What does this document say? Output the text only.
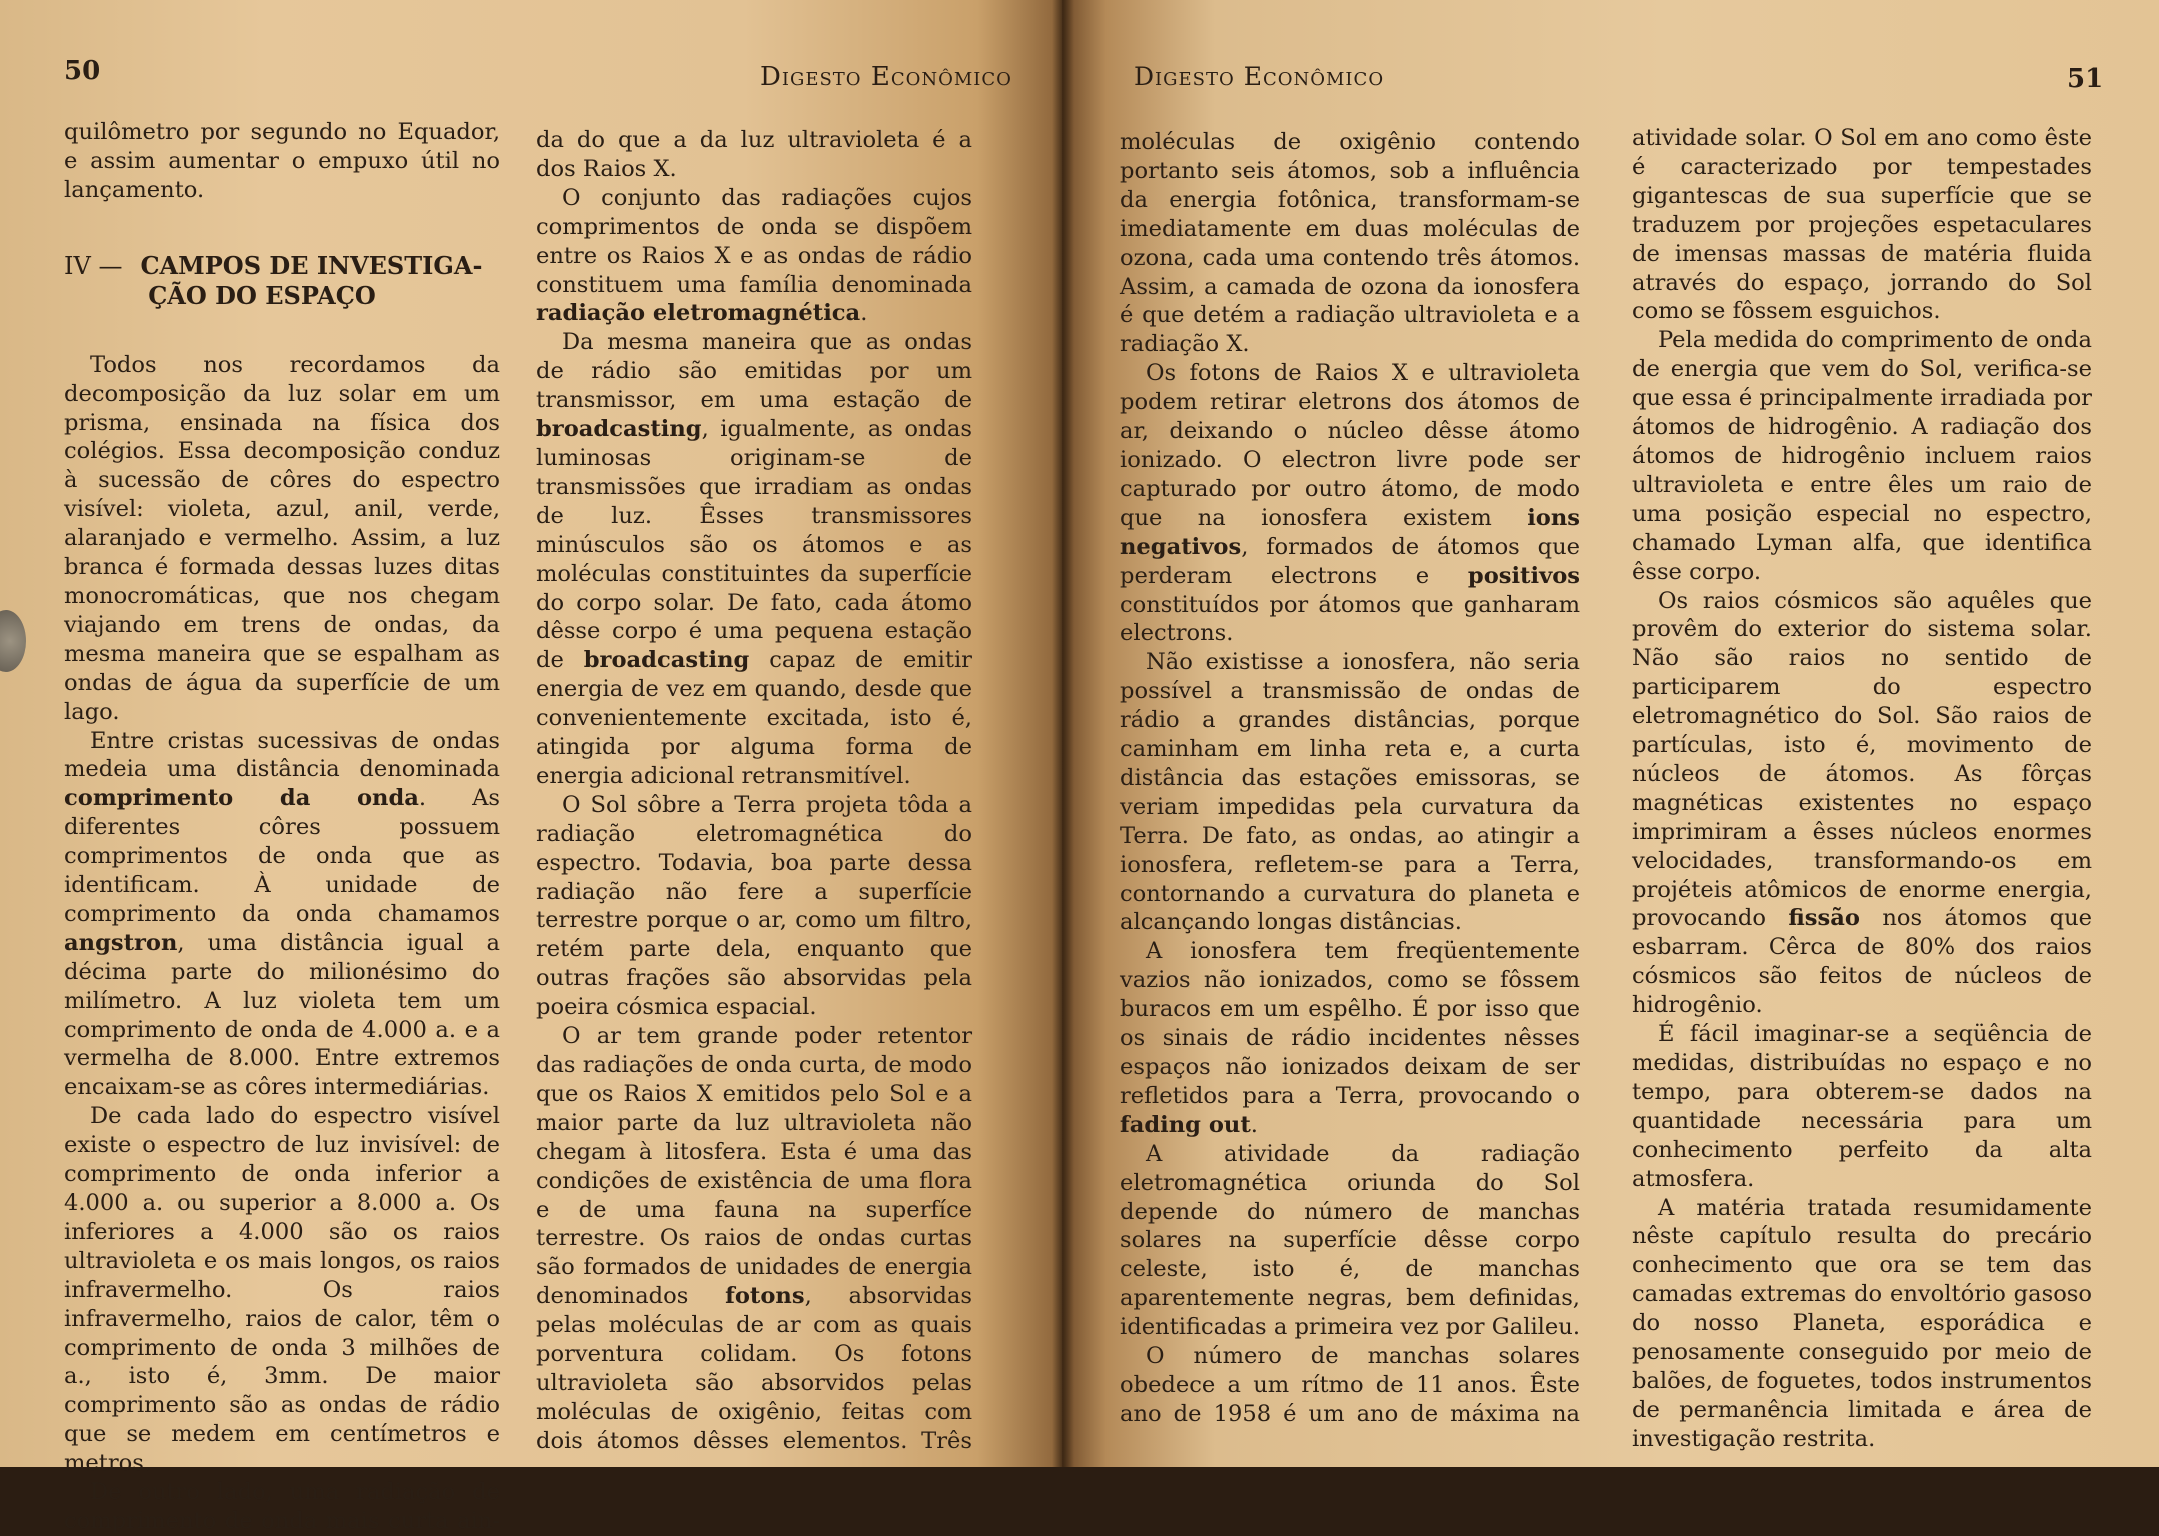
50	Digesto Econômico

quilômetro por segundo no Equador, e assim aumentar o empuxo útil no lançamento.

IV — CAMPOS DE INVESTIGA-
ÇÃO DO ESPAÇO

Todos nos recordamos da decomposição da luz solar em um prisma, ensinada na física dos colégios. Essa decomposição conduz à sucessão de côres do espectro visível: violeta, azul, anil, verde, alaranjado e vermelho. Assim, a luz branca é formada dessas luzes ditas monocromáticas, que nos chegam viajando em trens de ondas, da mesma maneira que se espalham as ondas de água da superfície de um lago.

Entre cristas sucessivas de ondas medeia uma distância denominada comprimento da onda. As diferentes côres possuem comprimentos de onda que as identificam. À unidade de comprimento da onda chamamos angstron, uma distância igual a décima parte do milionésimo do milímetro. A luz violeta tem um comprimento de onda de 4.000 a. e a vermelha de 8.000. Entre extremos encaixam-se as côres intermediárias.

De cada lado do espectro visível existe o espectro de luz invisível: de comprimento de onda inferior a 4.000 a. ou superior a 8.000 a. Os inferiores a 4.000 são os raios ultravioleta e os mais longos, os raios infravermelho. Os raios infravermelho, raios de calor, têm o comprimento de onda 3 milhões de a., isto é, 3mm. De maior comprimento são as ondas de rádio que se medem em centímetros e metros.

De outro lado, uma radiação de comprimento de onda mais curta ain-

da do que a da luz ultravioleta é a dos Raios X.

O conjunto das radiações cujos comprimentos de onda se dispõem entre os Raios X e as ondas de rádio constituem uma família denominada radiação eletromagnética.

Da mesma maneira que as ondas de rádio são emitidas por um transmissor, em uma estação de broadcasting, igualmente, as ondas luminosas originam-se de transmissões que irradiam as ondas de luz. Êsses transmissores minúsculos são os átomos e as moléculas constituintes da superfície do corpo solar. De fato, cada átomo dêsse corpo é uma pequena estação de broadcasting capaz de emitir energia de vez em quando, desde que convenientemente excitada, isto é, atingida por alguma forma de energia adicional retransmitível.

O Sol sôbre a Terra projeta tôda a radiação eletromagnética do espectro. Todavia, boa parte dessa radiação não fere a superfície terrestre porque o ar, como um filtro, retém parte dela, enquanto que outras frações são absorvidas pela poeira cósmica espacial.

O ar tem grande poder retentor das radiações de onda curta, de modo que os Raios X emitidos pelo Sol e a maior parte da luz ultravioleta não chegam à litosfera. Esta é uma das condições de existência de uma flora e de uma fauna na superfíce terrestre. Os raios de ondas curtas são formados de unidades de energia denominados fotons, absorvidas pelas moléculas de ar com as quais porventura colidam. Os fotons ultravioleta são absorvidos pelas moléculas de oxigênio, feitas com dois átomos dêsses elementos. Três

Digesto Econômico	51

moléculas de oxigênio contendo portanto seis átomos, sob a influência da energia fotônica, transformam-se imediatamente em duas moléculas de ozona, cada uma contendo três átomos. Assim, a camada de ozona da ionosfera é que detém a radiação ultravioleta e a radiação X.

Os fotons de Raios X e ultravioleta podem retirar eletrons dos átomos de ar, deixando o núcleo dêsse átomo ionizado. O electron livre pode ser capturado por outro átomo, de modo que na ionosfera existem ions negativos, formados de átomos que perderam electrons e positivos constituídos por átomos que ganharam electrons.

Não existisse a ionosfera, não seria possível a transmissão de ondas de rádio a grandes distâncias, porque caminham em linha reta e, a curta distância das estações emissoras, se veriam impedidas pela curvatura da Terra. De fato, as ondas, ao atingir a ionosfera, refletem-se para a Terra, contornando a curvatura do planeta e alcançando longas distâncias.

A ionosfera tem freqüentemente vazios não ionizados, como se fôssem buracos em um espêlho. É por isso que os sinais de rádio incidentes nêsses espaços não ionizados deixam de ser refletidos para a Terra, provocando o fading out.

A atividade da radiação eletromagnética oriunda do Sol depende do número de manchas solares na superfície dêsse corpo celeste, isto é, de manchas aparentemente negras, bem definidas, identificadas a primeira vez por Galileu.

O número de manchas solares obedece a um rítmo de 11 anos. Êste ano de 1958 é um ano de máxima na

atividade solar. O Sol em ano como êste é caracterizado por tempestades gigantescas de sua superfície que se traduzem por projeções espetaculares de imensas massas de matéria fluida através do espaço, jorrando do Sol como se fôssem esguichos.

Pela medida do comprimento de onda de energia que vem do Sol, verifica-se que essa é principalmente irradiada por átomos de hidrogênio. A radiação dos átomos de hidrogênio incluem raios ultravioleta e entre êles um raio de uma posição especial no espectro, chamado Lyman alfa, que identifica êsse corpo.

Os raios cósmicos são aquêles que provêm do exterior do sistema solar. Não são raios no sentido de participarem do espectro eletromagnético do Sol. São raios de partículas, isto é, movimento de núcleos de átomos. As fôrças magnéticas existentes no espaço imprimiram a êsses núcleos enormes velocidades, transformando-os em projéteis atômicos de enorme energia, provocando fissão nos átomos que esbarram. Cêrca de 80% dos raios cósmicos são feitos de núcleos de hidrogênio.

É fácil imaginar-se a seqüência de medidas, distribuídas no espaço e no tempo, para obterem-se dados na quantidade necessária para um conhecimento perfeito da alta atmosfera.

A matéria tratada resumidamente nêste capítulo resulta do precário conhecimento que ora se tem das camadas extremas do envoltório gasoso do nosso Planeta, esporádica e penosamente conseguido por meio de balões, de foguetes, todos instrumentos de permanência limitada e área de investigação restrita.
